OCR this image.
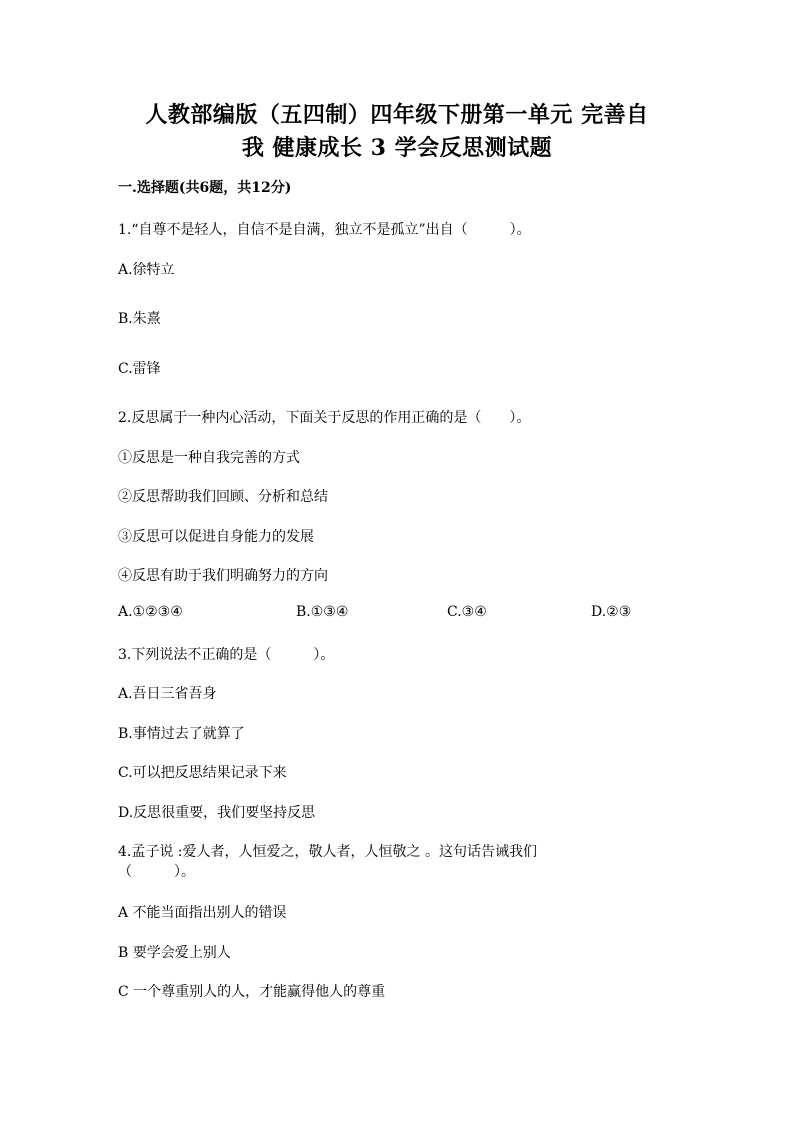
人教部编版（五四制）四年级下册第一单元 完善自
我 健康成长 3 学会反思测试题
一.选择题(共6题，共12分)
1.“自尊不是轻人，自信不是自满，独立不是孤立”出自（　　　）。
A.徐特立
B.朱熹
C.雷锋
2.反思属于一种内心活动，下面关于反思的作用正确的是（　　）。
①反思是一种自我完善的方式
②反思帮助我们回顾、分析和总结
③反思可以促进自身能力的发展
④反思有助于我们明确努力的方向
A.①②③④	B.①③④	C.③④	D.②③
3.下列说法不正确的是（　　　）。
A.吾日三省吾身
B.事情过去了就算了
C.可以把反思结果记录下来
D.反思很重要，我们要坚持反思
4.孟子说 :爱人者，人恒爱之，敬人者，人恒敬之 。这句话告诫我们
（　　　）。
A 不能当面指出别人的错误
B 要学会爱上别人
C 一个尊重别人的人，才能赢得他人的尊重
